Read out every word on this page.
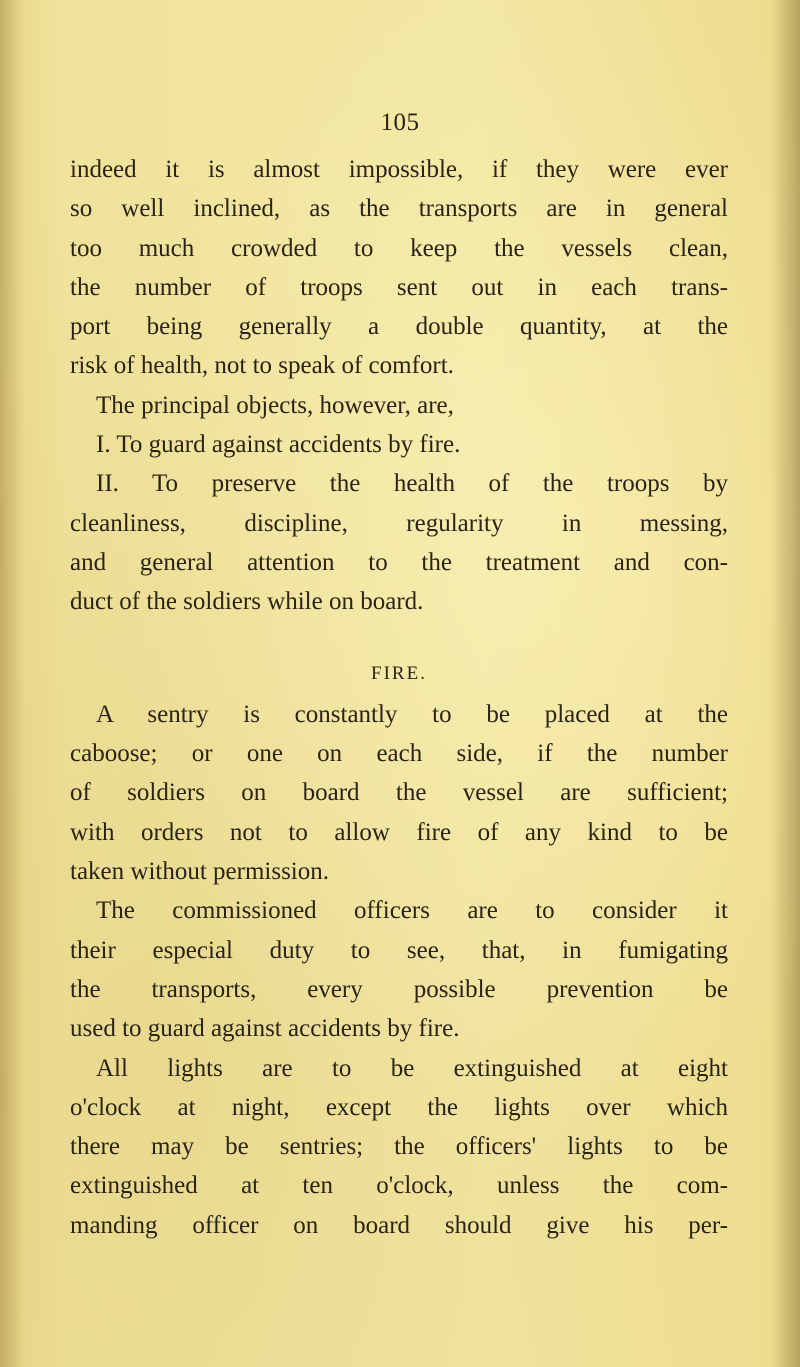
105
indeed it is almost impossible, if they were ever
so well inclined, as the transports are in general
too much crowded to keep the vessels clean,
the number of troops sent out in each trans-
port being generally a double quantity, at the
risk of health, not to speak of comfort.
The principal objects, however, are,
I. To guard against accidents by fire.
II. To preserve the health of the troops by
cleanliness, discipline, regularity in messing,
and general attention to the treatment and con-
duct of the soldiers while on board.
FIRE.
A sentry is constantly to be placed at the
caboose; or one on each side, if the number
of soldiers on board the vessel are sufficient;
with orders not to allow fire of any kind to be
taken without permission.
The commissioned officers are to consider it
their especial duty to see, that, in fumigating
the transports, every possible prevention be
used to guard against accidents by fire.
All lights are to be extinguished at eight
o'clock at night, except the lights over which
there may be sentries; the officers' lights to be
extinguished at ten o'clock, unless the com-
manding officer on board should give his per-
